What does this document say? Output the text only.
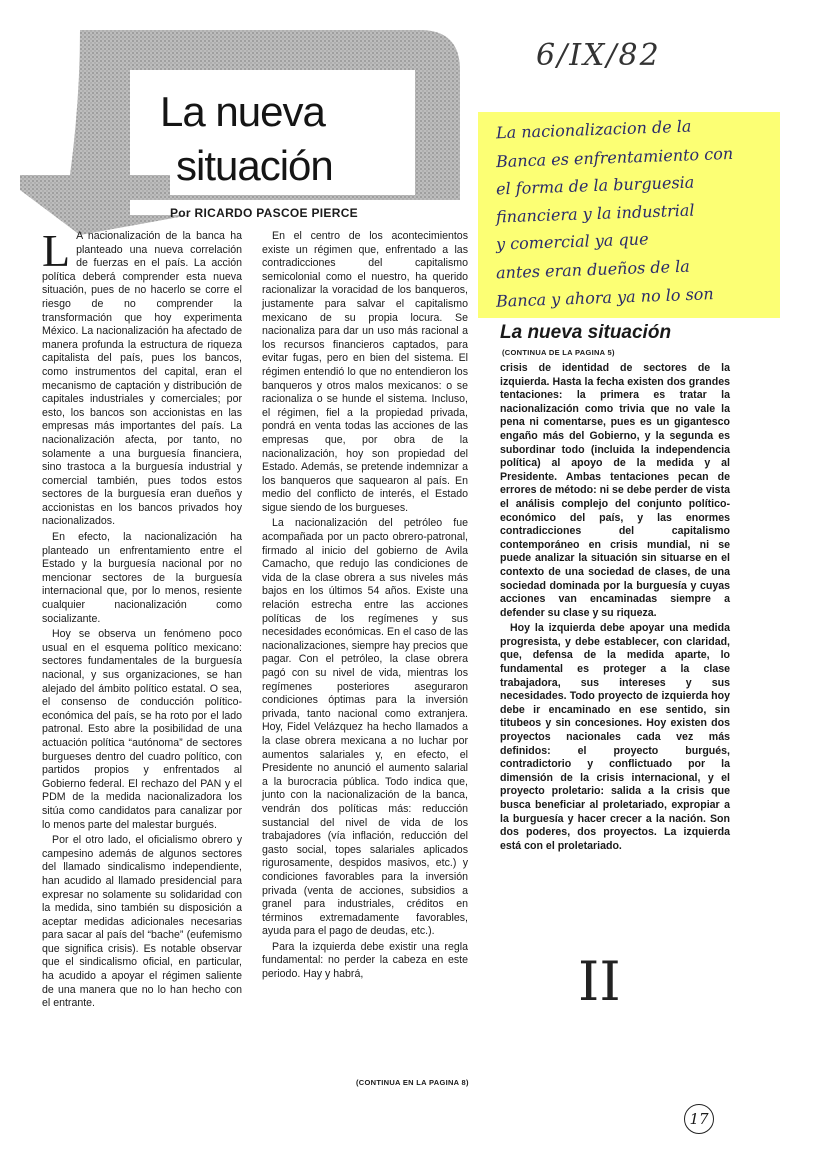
6/IX/82
La nueva
situación
Por RICARDO PASCOE PIERCE
La nacionalizacion de la
Banca es enfrentamiento con
el forma de la burguesia
financiera y la industrial
y comercial ya que
antes eran dueños de la
Banca y ahora ya no lo son
L A nacionalización de la banca ha planteado una nueva correlación de fuerzas en el país. La acción política deberá comprender esta nueva situación, pues de no hacerlo se corre el riesgo de no comprender la transformación que hoy experimenta México. La nacionalización ha afectado de manera profunda la estructura de riqueza capitalista del país, pues los bancos, como instrumentos del capital, eran el mecanismo de captación y distribución de capitales industriales y comerciales; por esto, los bancos son accionistas en las empresas más importantes del país. La nacionalización afecta, por tanto, no solamente a una burguesía financiera, sino trastoca a la burguesía industrial y comercial también, pues todos estos sectores de la burguesía eran dueños y accionistas en los bancos privados hoy nacionalizados.

En efecto, la nacionalización ha planteado un enfrentamiento entre el Estado y la burguesía nacional por no mencionar sectores de la burguesía internacional que, por lo menos, resiente cualquier nacionalización como socializante.

Hoy se observa un fenómeno poco usual en el esquema político mexicano: sectores fundamentales de la burguesía nacional, y sus organizaciones, se han alejado del ámbito político estatal. O sea, el consenso de conducción político-económica del país, se ha roto por el lado patronal. Esto abre la posibilidad de una actuación política “autónoma” de sectores burgueses dentro del cuadro político, con partidos propios y enfrentados al Gobierno federal. El rechazo del PAN y el PDM de la medida nacionalizadora los sitúa como candidatos para canalizar por lo menos parte del malestar burgués.

Por el otro lado, el oficialismo obrero y campesino además de algunos sectores del llamado sindicalismo independiente, han acudido al llamado presidencial para expresar no solamente su solidaridad con la medida, sino también su disposición a aceptar medidas adicionales necesarias para sacar al país del “bache” (eufemismo que significa crisis). Es notable observar que el sindicalismo oficial, en particular, ha acudido a apoyar el régimen saliente de una manera que no lo han hecho con el entrante.

En el centro de los acontecimientos existe un régimen que, enfrentado a las contradicciones del capitalismo semicolonial como el nuestro, ha querido racionalizar la voracidad de los banqueros, justamente para salvar el capitalismo mexicano de su propia locura. Se nacionaliza para dar un uso más racional a los recursos financieros captados, para evitar fugas, pero en bien del sistema. El régimen entendió lo que no entendieron los banqueros y otros malos mexicanos: o se racionaliza o se hunde el sistema. Incluso, el régimen, fiel a la propiedad privada, pondrá en venta todas las acciones de las empresas que, por obra de la nacionalización, hoy son propiedad del Estado. Además, se pretende indemnizar a los banqueros que saquearon al país. En medio del conflicto de interés, el Estado sigue siendo de los burgueses.

La nacionalización del petróleo fue acompañada por un pacto obrero-patronal, firmado al inicio del gobierno de Avila Camacho, que redujo las condiciones de vida de la clase obrera a sus niveles más bajos en los últimos 54 años. Existe una relación estrecha entre las acciones políticas de los regímenes y sus necesidades económicas. En el caso de las nacionalizaciones, siempre hay precios que pagar. Con el petróleo, la clase obrera pagó con su nivel de vida, mientras los regímenes posteriores aseguraron condiciones óptimas para la inversión privada, tanto nacional como extranjera. Hoy, Fidel Velázquez ha hecho llamados a la clase obrera mexicana a no luchar por aumentos salariales y, en efecto, el Presidente no anunció el aumento salarial a la burocracia pública. Todo indica que, junto con la nacionalización de la banca, vendrán dos políticas más: reducción sustancial del nivel de vida de los trabajadores (vía inflación, reducción del gasto social, topes salariales aplicados rigurosamente, despidos masivos, etc.) y condiciones favorables para la inversión privada (venta de acciones, subsidios a granel para industriales, créditos en términos extremadamente favorables, ayuda para el pago de deudas, etc.).

Para la izquierda debe existir una regla fundamental: no perder la cabeza en este periodo. Hay y habrá,

(CONTINUA EN LA PAGINA 8)
La nueva situación
(CONTINUA DE LA PAGINA 5)

crisis de identidad de sectores de la izquierda. Hasta la fecha existen dos grandes tentaciones: la primera es tratar la nacionalización como trivia que no vale la pena ni comentarse, pues es un gigantesco engaño más del Gobierno, y la segunda es subordinar todo (incluida la independencia política) al apoyo de la medida y al Presidente. Ambas tentaciones pecan de errores de método: ni se debe perder de vista el análisis complejo del conjunto político-económico del país, y las enormes contradicciones del capitalismo contemporáneo en crisis mundial, ni se puede analizar la situación sin situarse en el contexto de una sociedad de clases, de una sociedad dominada por la burguesía y cuyas acciones van encaminadas siempre a defender su clase y su riqueza.

Hoy la izquierda debe apoyar una medida progresista, y debe establecer, con claridad, que, defensa de la medida aparte, lo fundamental es proteger a la clase trabajadora, sus intereses y sus necesidades. Todo proyecto de izquierda hoy debe ir encaminado en ese sentido, sin titubeos y sin concesiones. Hoy existen dos proyectos nacionales cada vez más definidos: el proyecto burgués, contradictorio y conflictuado por la dimensión de la crisis internacional, y el proyecto proletario: salida a la crisis que busca beneficiar al proletariado, expropiar a la burguesía y hacer crecer a la nación. Son dos poderes, dos proyectos. La izquierda está con el proletariado.

II
17
